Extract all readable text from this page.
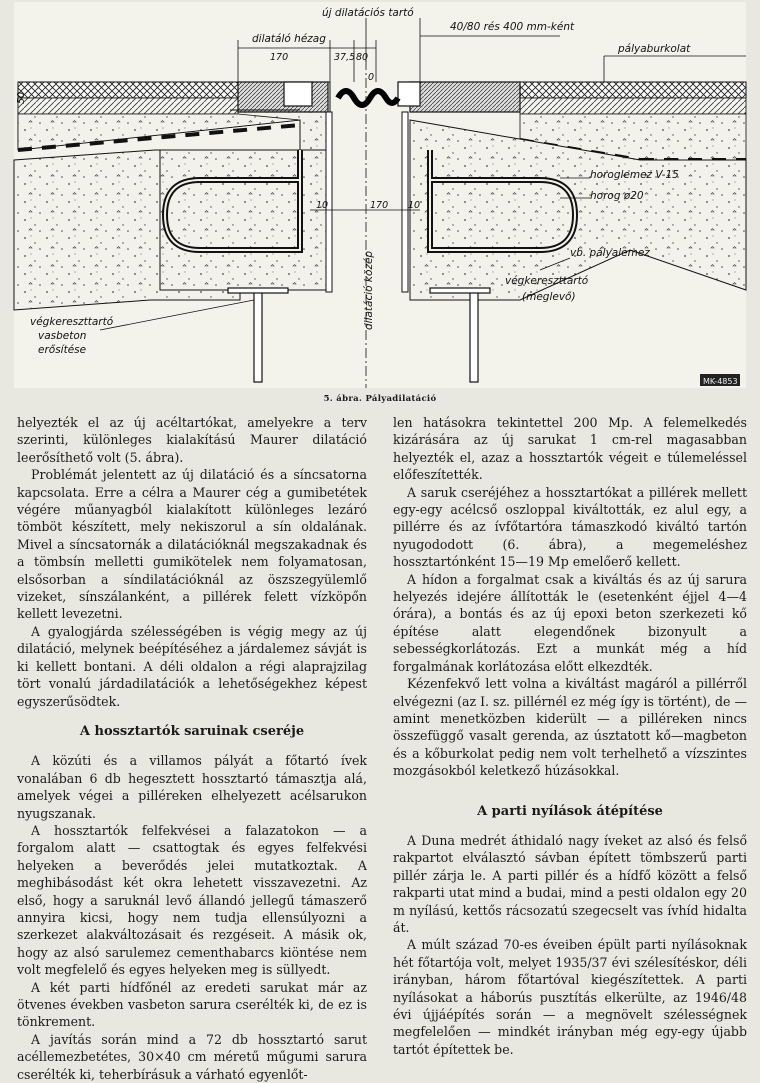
új dilatációs tartó
dilatáló hézag
40/80 rés 400 mm-ként
pályaburkolat
horoglemez V-15
horog ø20
vb. pályalemez
végkereszttartó
(meglevő)
végkereszttartó
vasbeton
erősítése
dilatáció közép
170	37,5 80
50
0
10	170 10
MK-4853
5. ábra. Pályadilatáció

helyezték el az új acéltartókat, amelyekre a terv szerinti, különleges kialakítású Maurer dilatáció leerősíthető volt (5. ábra).

Problémát jelentett az új dilatáció és a síncsatorna kapcsolata. Erre a célra a Maurer cég a gumibetétek végére műanyagból kialakított különleges lezáró tömböt készített, mely nekiszorul a sín oldalának. Mivel a síncsatornák a dilatációknál megszakadnak és a tömbsín melletti gumikötelek nem folyamatosan, elsősorban a síndilatációknál az öszszegyülemlő vizeket, sínszálanként, a pillérek felett vízköpőn kellett levezetni.

A gyalogjárda szélességében is végig megy az új dilatáció, melynek beépítéséhez a járdalemez sávját is ki kellett bontani. A déli oldalon a régi alaprajzilag tört vonalú járdadilatációk a lehetőségekhez képest egyszerűsödtek.

A hossztartók saruinak cseréje

A közúti és a villamos pályát a főtartó ívek vonalában 6 db hegesztett hossztartó támasztja alá, amelyek végei a pilléreken elhelyezett acélsarukon nyugszanak.

A hossztartók felfekvései a falazatokon — a forgalom alatt — csattogtak és egyes felfekvési helyeken a beverődés jelei mutatkoztak. A meghibásodást két okra lehetett visszavezetni. Az első, hogy a saruknál levő állandó jellegű támaszerő annyira kicsi, hogy nem tudja ellensúlyozni a szerkezet alakváltozásait és rezgéseit. A másik ok, hogy az alsó sarulemez cementhabarcs kiöntése nem volt megfelelő és egyes helyeken meg is süllyedt.

A két parti hídfőnél az eredeti sarukat már az ötvenes években vasbeton sarura cserélték ki, de ez is tönkrement.

A javítás során mind a 72 db hossztartó sarut acéllemezbetétes, 30×40 cm méretű műgumi sarura cserélték ki, teherbírásuk a várható egyenlőt-

len hatásokra tekintettel 200 Mp. A felemelkedés kizárására az új sarukat 1 cm-rel magasabban helyezték el, azaz a hossztartók végeit e túlemeléssel előfeszítették.

A saruk cseréjéhez a hossztartókat a pillérek mellett egy-egy acélcső oszloppal kiváltották, ez alul egy, a pillérre és az ívfőtartóra támaszkodó kiváltó tartón nyugododott (6. ábra), a megemeléshez hossztartónként 15—19 Mp emelőerő kellett.

A hídon a forgalmat csak a kiváltás és az új sarura helyezés idejére állították le (esetenként éjjel 4—4 órára), a bontás és az új epoxi beton szerkezeti kő építése alatt elegendőnek bizonyult a sebességkorlátozás. Ezt a munkát még a híd forgalmának korlátozása előtt elkezdték.

Kézenfekvő lett volna a kiváltást magáról a pillérről elvégezni (az I. sz. pillérnél ez még így is történt), de — amint menetközben kiderült — a pilléreken nincs összefüggő vasalt gerenda, az úsztatott kő—magbeton és a kőburkolat pedig nem volt terhelhető a vízszintes mozgásokból keletkező húzásokkal.

A parti nyílások átépítése

A Duna medrét áthidaló nagy íveket az alsó és felső rakpartot elválasztó sávban épített tömbszerű parti pillér zárja le. A parti pillér és a hídfő között a felső rakparti utat mind a budai, mind a pesti oldalon egy 20 m nyílású, kettős rácsozatú szegecselt vas ívhíd hidalta át.

A múlt század 70-es éveiben épült parti nyílásoknak hét főtartója volt, melyet 1935/37 évi szélesítéskor, déli irányban, három főtartóval kiegészítettek. A parti nyílásokat a háborús pusztítás elkerülte, az 1946/48 évi újjáépítés során — a megnövelt szélességnek megfelelően — mindkét irányban még egy-egy újabb tartót építettek be.
